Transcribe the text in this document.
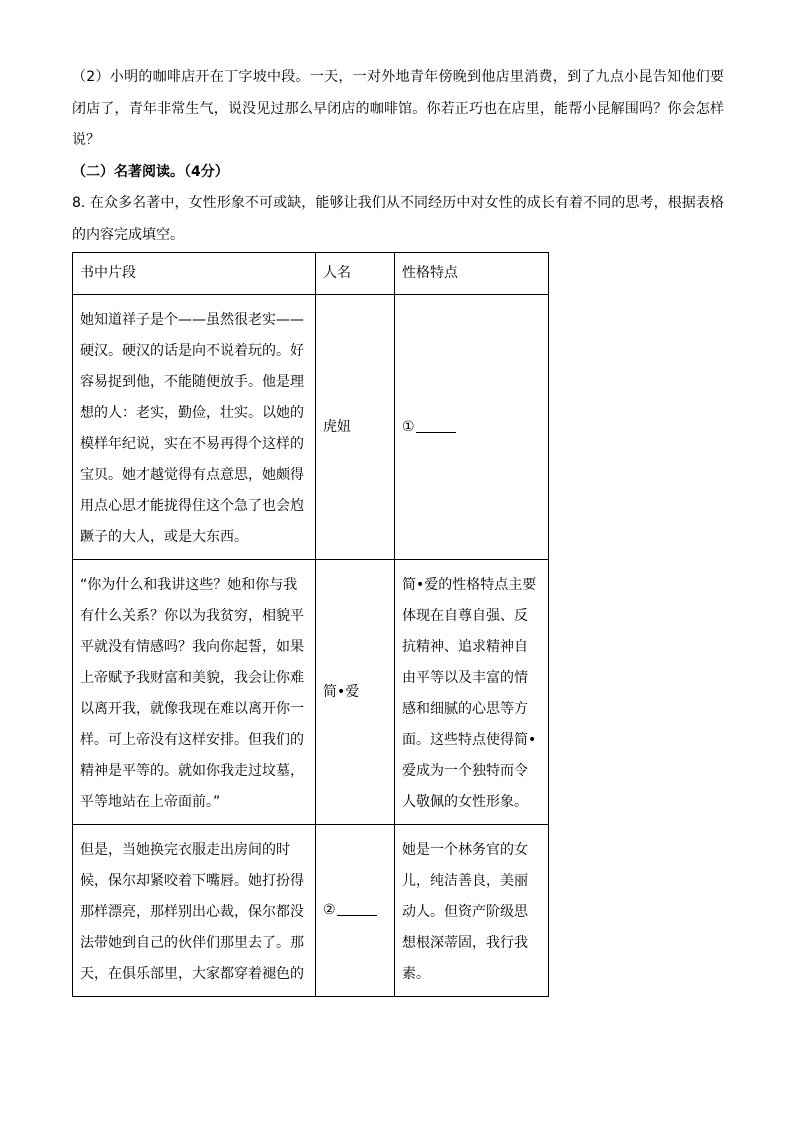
（2）小明的咖啡店开在丁字坡中段。一天，一对外地青年傍晚到他店里消费，到了九点小昆告知他们要闭店了，青年非常生气，说没见过那么早闭店的咖啡馆。你若正巧也在店里，能帮小昆解围吗？你会怎样说？

（二）名著阅读。（4分）

8. 在众多名著中，女性形象不可或缺，能够让我们从不同经历中对女性的成长有着不同的思考，根据表格的内容完成填空。

书中片段	人名	性格特点

她知道祥子是个——虽然很老实——硬汉。硬汉的话是向不说着玩的。好容易捉到他，不能随便放手。他是理想的人：老实，勤俭，壮实。以她的模样年纪说，实在不易再得个这样的宝贝。她才越觉得有点意思，她颇得用点心思才能拢得住这个急了也会尥蹶子的大人，或是大东西。	虎妞	①

“你为什么和我讲这些？她和你与我有什么关系？你以为我贫穷，相貌平平就没有情感吗？我向你起誓，如果上帝赋予我财富和美貌，我会让你难以离开我，就像我现在难以离开你一样。可上帝没有这样安排。但我们的精神是平等的。就如你我走过坟墓，平等地站在上帝面前。”	简•爱	简•爱的性格特点主要体现在自尊自强、反抗精神、追求精神自由平等以及丰富的情感和细腻的心思等方面。这些特点使得简•爱成为一个独特而令人敬佩的女性形象。

但是，当她换完衣服走出房间的时候，保尔却紧咬着下嘴唇。她打扮得那样漂亮，那样别出心裁，保尔都没法带她到自己的伙伴们那里去了。那天，在俱乐部里，大家都穿着褪色的	②	她是一个林务官的女儿，纯洁善良，美丽动人。但资产阶级思想根深蒂固，我行我素。
